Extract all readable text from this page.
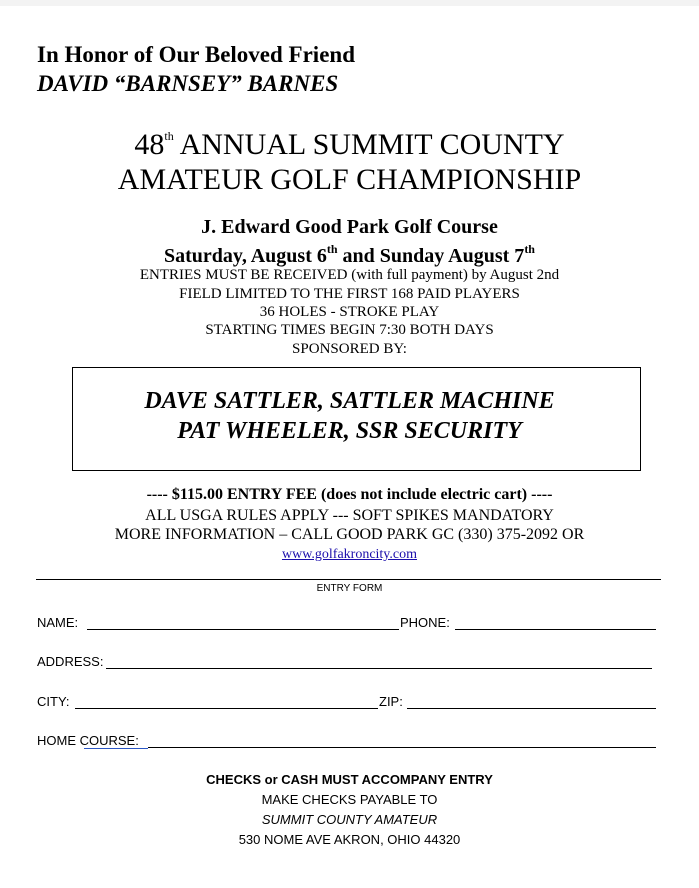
In Honor of Our Beloved Friend
DAVID “BARNSEY” BARNES
48th ANNUAL SUMMIT COUNTY
AMATEUR GOLF CHAMPIONSHIP
J. Edward Good Park Golf Course
Saturday, August 6th and Sunday August 7th
ENTRIES MUST BE RECEIVED (with full payment) by August 2nd
FIELD LIMITED TO THE FIRST 168 PAID PLAYERS
36 HOLES - STROKE PLAY
STARTING TIMES BEGIN 7:30 BOTH DAYS
SPONSORED BY:
DAVE SATTLER, SATTLER MACHINE
PAT WHEELER, SSR SECURITY
---- $115.00 ENTRY FEE (does not include electric cart) ----
ALL USGA RULES APPLY --- SOFT SPIKES MANDATORY
MORE INFORMATION – CALL GOOD PARK GC (330) 375-2092 OR
www.golfakroncity.com
ENTRY FORM
NAME:	PHONE:
ADDRESS:
CITY:	ZIP:
HOME COURSE:
CHECKS or CASH MUST ACCOMPANY ENTRY
MAKE CHECKS PAYABLE TO
SUMMIT COUNTY AMATEUR
530 NOME AVE AKRON, OHIO 44320
